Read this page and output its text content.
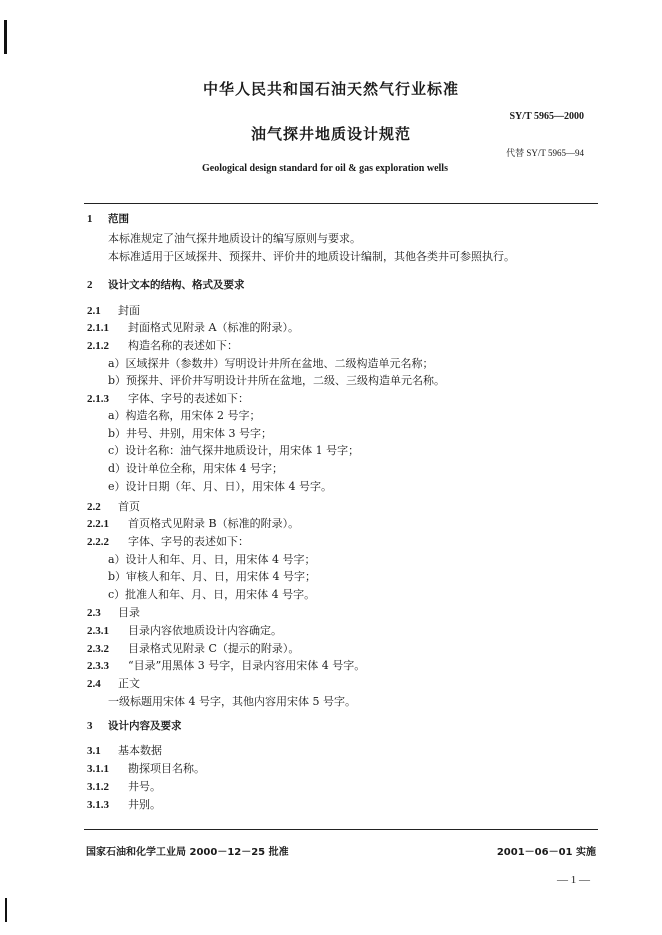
中华人民共和国石油天然气行业标准
SY/T 5965—2000
油气探井地质设计规范
代替 SY/T 5965—94
Geological design standard for oil & gas exploration wells
1 范围
本标准规定了油气探井地质设计的编写原则与要求。
本标准适用于区域探井、预探井、评价井的地质设计编制，其他各类井可参照执行。
2 设计文本的结构、格式及要求
2.1 封面
2.1.1 封面格式见附录 A（标准的附录）。
2.1.2 构造名称的表述如下：
a）区域探井（参数井）写明设计井所在盆地、二级构造单元名称；
b）预探井、评价井写明设计井所在盆地，二级、三级构造单元名称。
2.1.3 字体、字号的表述如下：
a）构造名称，用宋体 2 号字；
b）井号、井别，用宋体 3 号字；
c）设计名称：油气探井地质设计，用宋体 1 号字；
d）设计单位全称，用宋体 4 号字；
e）设计日期（年、月、日），用宋体 4 号字。
2.2 首页
2.2.1 首页格式见附录 B（标准的附录）。
2.2.2 字体、字号的表述如下：
a）设计人和年、月、日，用宋体 4 号字；
b）审核人和年、月、日，用宋体 4 号字；
c）批准人和年、月、日，用宋体 4 号字。
2.3 目录
2.3.1 目录内容依地质设计内容确定。
2.3.2 目录格式见附录 C（提示的附录）。
2.3.3 “目录”用黑体 3 号字，目录内容用宋体 4 号字。
2.4 正文
一级标题用宋体 4 号字，其他内容用宋体 5 号字。
3 设计内容及要求
3.1 基本数据
3.1.1 勘探项目名称。
3.1.2 井号。
3.1.3 井别。
国家石油和化学工业局 2000－12－25 批准	2001－06－01 实施
— 1 —
